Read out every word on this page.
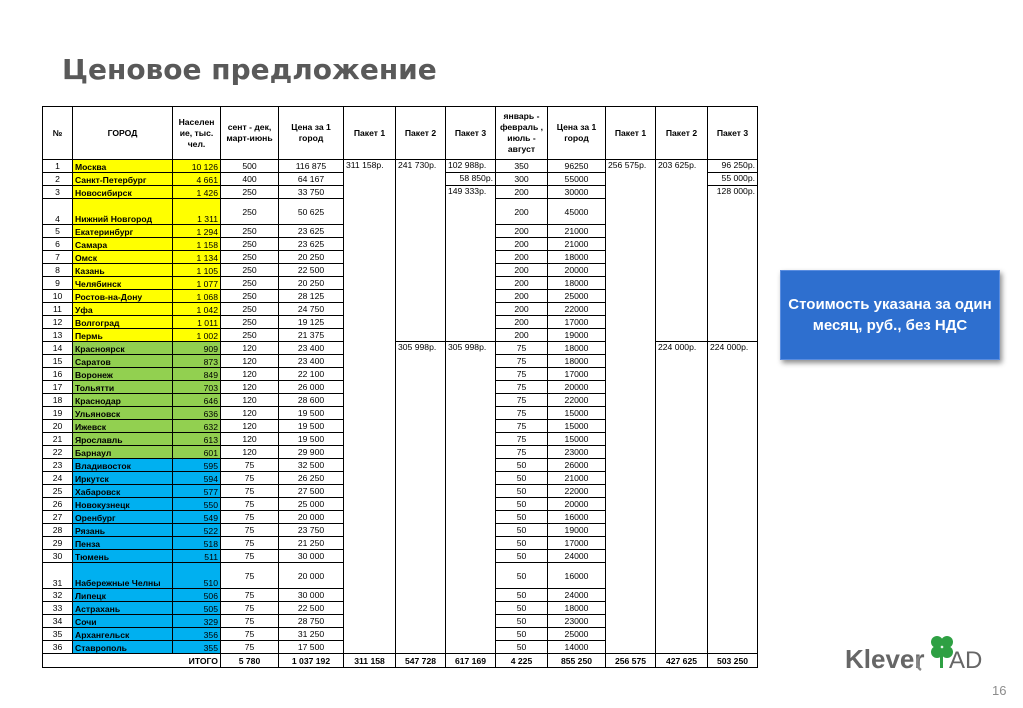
Ценовое предложение
№	ГОРОД	Населен ие, тыс. чел.	сент - дек, март-июнь	Цена за 1 город	Пакет 1	Пакет 2	Пакет 3	январь - февраль , июль - август	Цена за 1 город	Пакет 1	Пакет 2	Пакет 3
1	Москва	10 126	500	116 875	311 158р.	241 730р.	102 988р.	350	96250	256 575р.	203 625р.	96 250р.
2	Санкт-Петербург	4 661	400	64 167			58 850р.	300	55000			55 000р.
3	Новосибирск	1 426	250	33 750			149 333р.	200	30000			128 000р.
4	Нижний Новгород	1 311	250	50 625				200	45000			
5	Екатеринбург	1 294	250	23 625				200	21000			
6	Самара	1 158	250	23 625				200	21000			
7	Омск	1 134	250	20 250				200	18000			
8	Казань	1 105	250	22 500				200	20000			
9	Челябинск	1 077	250	20 250				200	18000			
10	Ростов-на-Дону	1 068	250	28 125				200	25000			
11	Уфа	1 042	250	24 750				200	22000			
12	Волгоград	1 011	250	19 125				200	17000			
13	Пермь	1 002	250	21 375				200	19000			
14	Красноярск	909	120	23 400		305 998р.	305 998р.	75	18000		224 000р.	224 000р.
15	Саратов	873	120	23 400				75	18000			
16	Воронеж	849	120	22 100				75	17000			
17	Тольятти	703	120	26 000				75	20000			
18	Краснодар	646	120	28 600				75	22000			
19	Ульяновск	636	120	19 500				75	15000			
20	Ижевск	632	120	19 500				75	15000			
21	Ярославль	613	120	19 500				75	15000			
22	Барнаул	601	120	29 900				75	23000			
23	Владивосток	595	75	32 500				50	26000			
24	Иркутск	594	75	26 250				50	21000			
25	Хабаровск	577	75	27 500				50	22000			
26	Новокузнецк	550	75	25 000				50	20000			
27	Оренбург	549	75	20 000				50	16000			
28	Рязань	522	75	23 750				50	19000			
29	Пенза	518	75	21 250				50	17000			
30	Тюмень	511	75	30 000				50	24000			
31	Набережные Челны	510	75	20 000				50	16000			
32	Липецк	506	75	30 000				50	24000			
33	Астрахань	505	75	22 500				50	18000			
34	Сочи	329	75	28 750				50	23000			
35	Архангельск	356	75	31 250				50	25000			
36	Ставрополь	355	75	17 500				50	14000			
ИТОГО			5 780	1 037 192	311 158	547 728	617 169	4 225	855 250	256 575	427 625	503 250
Стоимость указана за один месяц, руб., без НДС
Klever AD
16
